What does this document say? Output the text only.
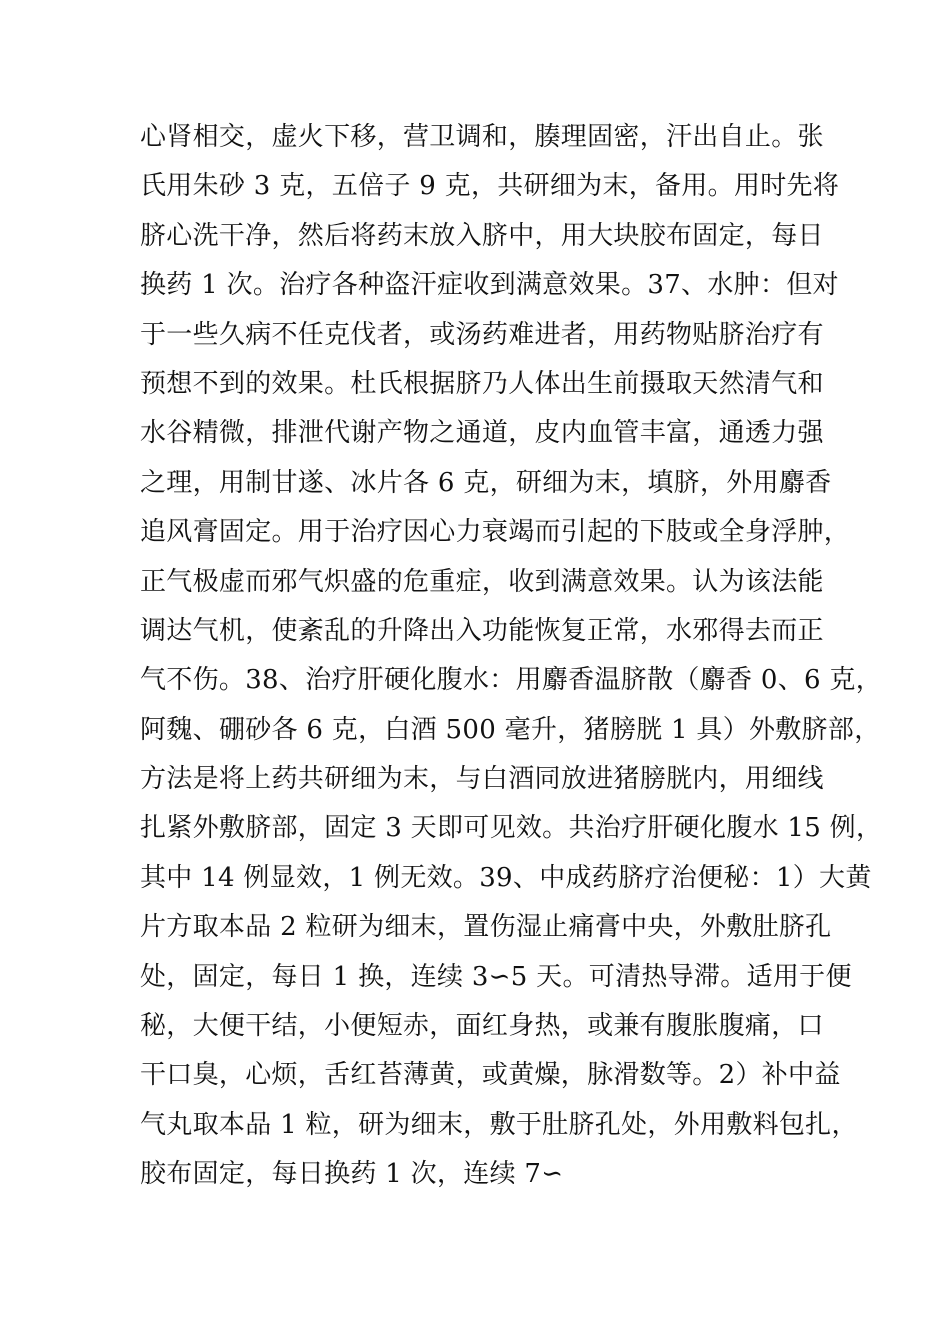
心肾相交，虚火下移，营卫调和，腠理固密，汗出自止。张
氏用朱砂 3 克，五倍子 9 克，共研细为末，备用。用时先将
脐心洗干净，然后将药末放入脐中，用大块胶布固定，每日
换药 1 次。治疗各种盗汗症收到满意效果。37、水肿：但对
于一些久病不任克伐者，或汤药难进者，用药物贴脐治疗有
预想不到的效果。杜氏根据脐乃人体出生前摄取天然清气和
水谷精微，排泄代谢产物之通道，皮内血管丰富，通透力强
之理，用制甘遂、冰片各 6 克，研细为末，填脐，外用麝香
追风膏固定。用于治疗因心力衰竭而引起的下肢或全身浮肿，
正气极虚而邪气炽盛的危重症，收到满意效果。认为该法能
调达气机，使紊乱的升降出入功能恢复正常，水邪得去而正
气不伤。38、治疗肝硬化腹水：用麝香温脐散（麝香 0、6 克，
阿魏、硼砂各 6 克，白酒 500 毫升，猪膀胱 1 具）外敷脐部，
方法是将上药共研细为末，与白酒同放进猪膀胱内，用细线
扎紧外敷脐部，固定 3 天即可见效。共治疗肝硬化腹水 15 例，
其中 14 例显效，1 例无效。39、中成药脐疗治便秘：1）大黄
片方取本品 2 粒研为细末，置伤湿止痛膏中央，外敷肚脐孔
处，固定，每日 1 换，连续 3∽5 天。可清热导滞。适用于便
秘，大便干结，小便短赤，面红身热，或兼有腹胀腹痛，口
干口臭，心烦，舌红苔薄黄，或黄燥，脉滑数等。2）补中益
气丸取本品 1 粒，研为细末，敷于肚脐孔处，外用敷料包扎，
胶布固定，每日换药 1 次，连续 7∽
